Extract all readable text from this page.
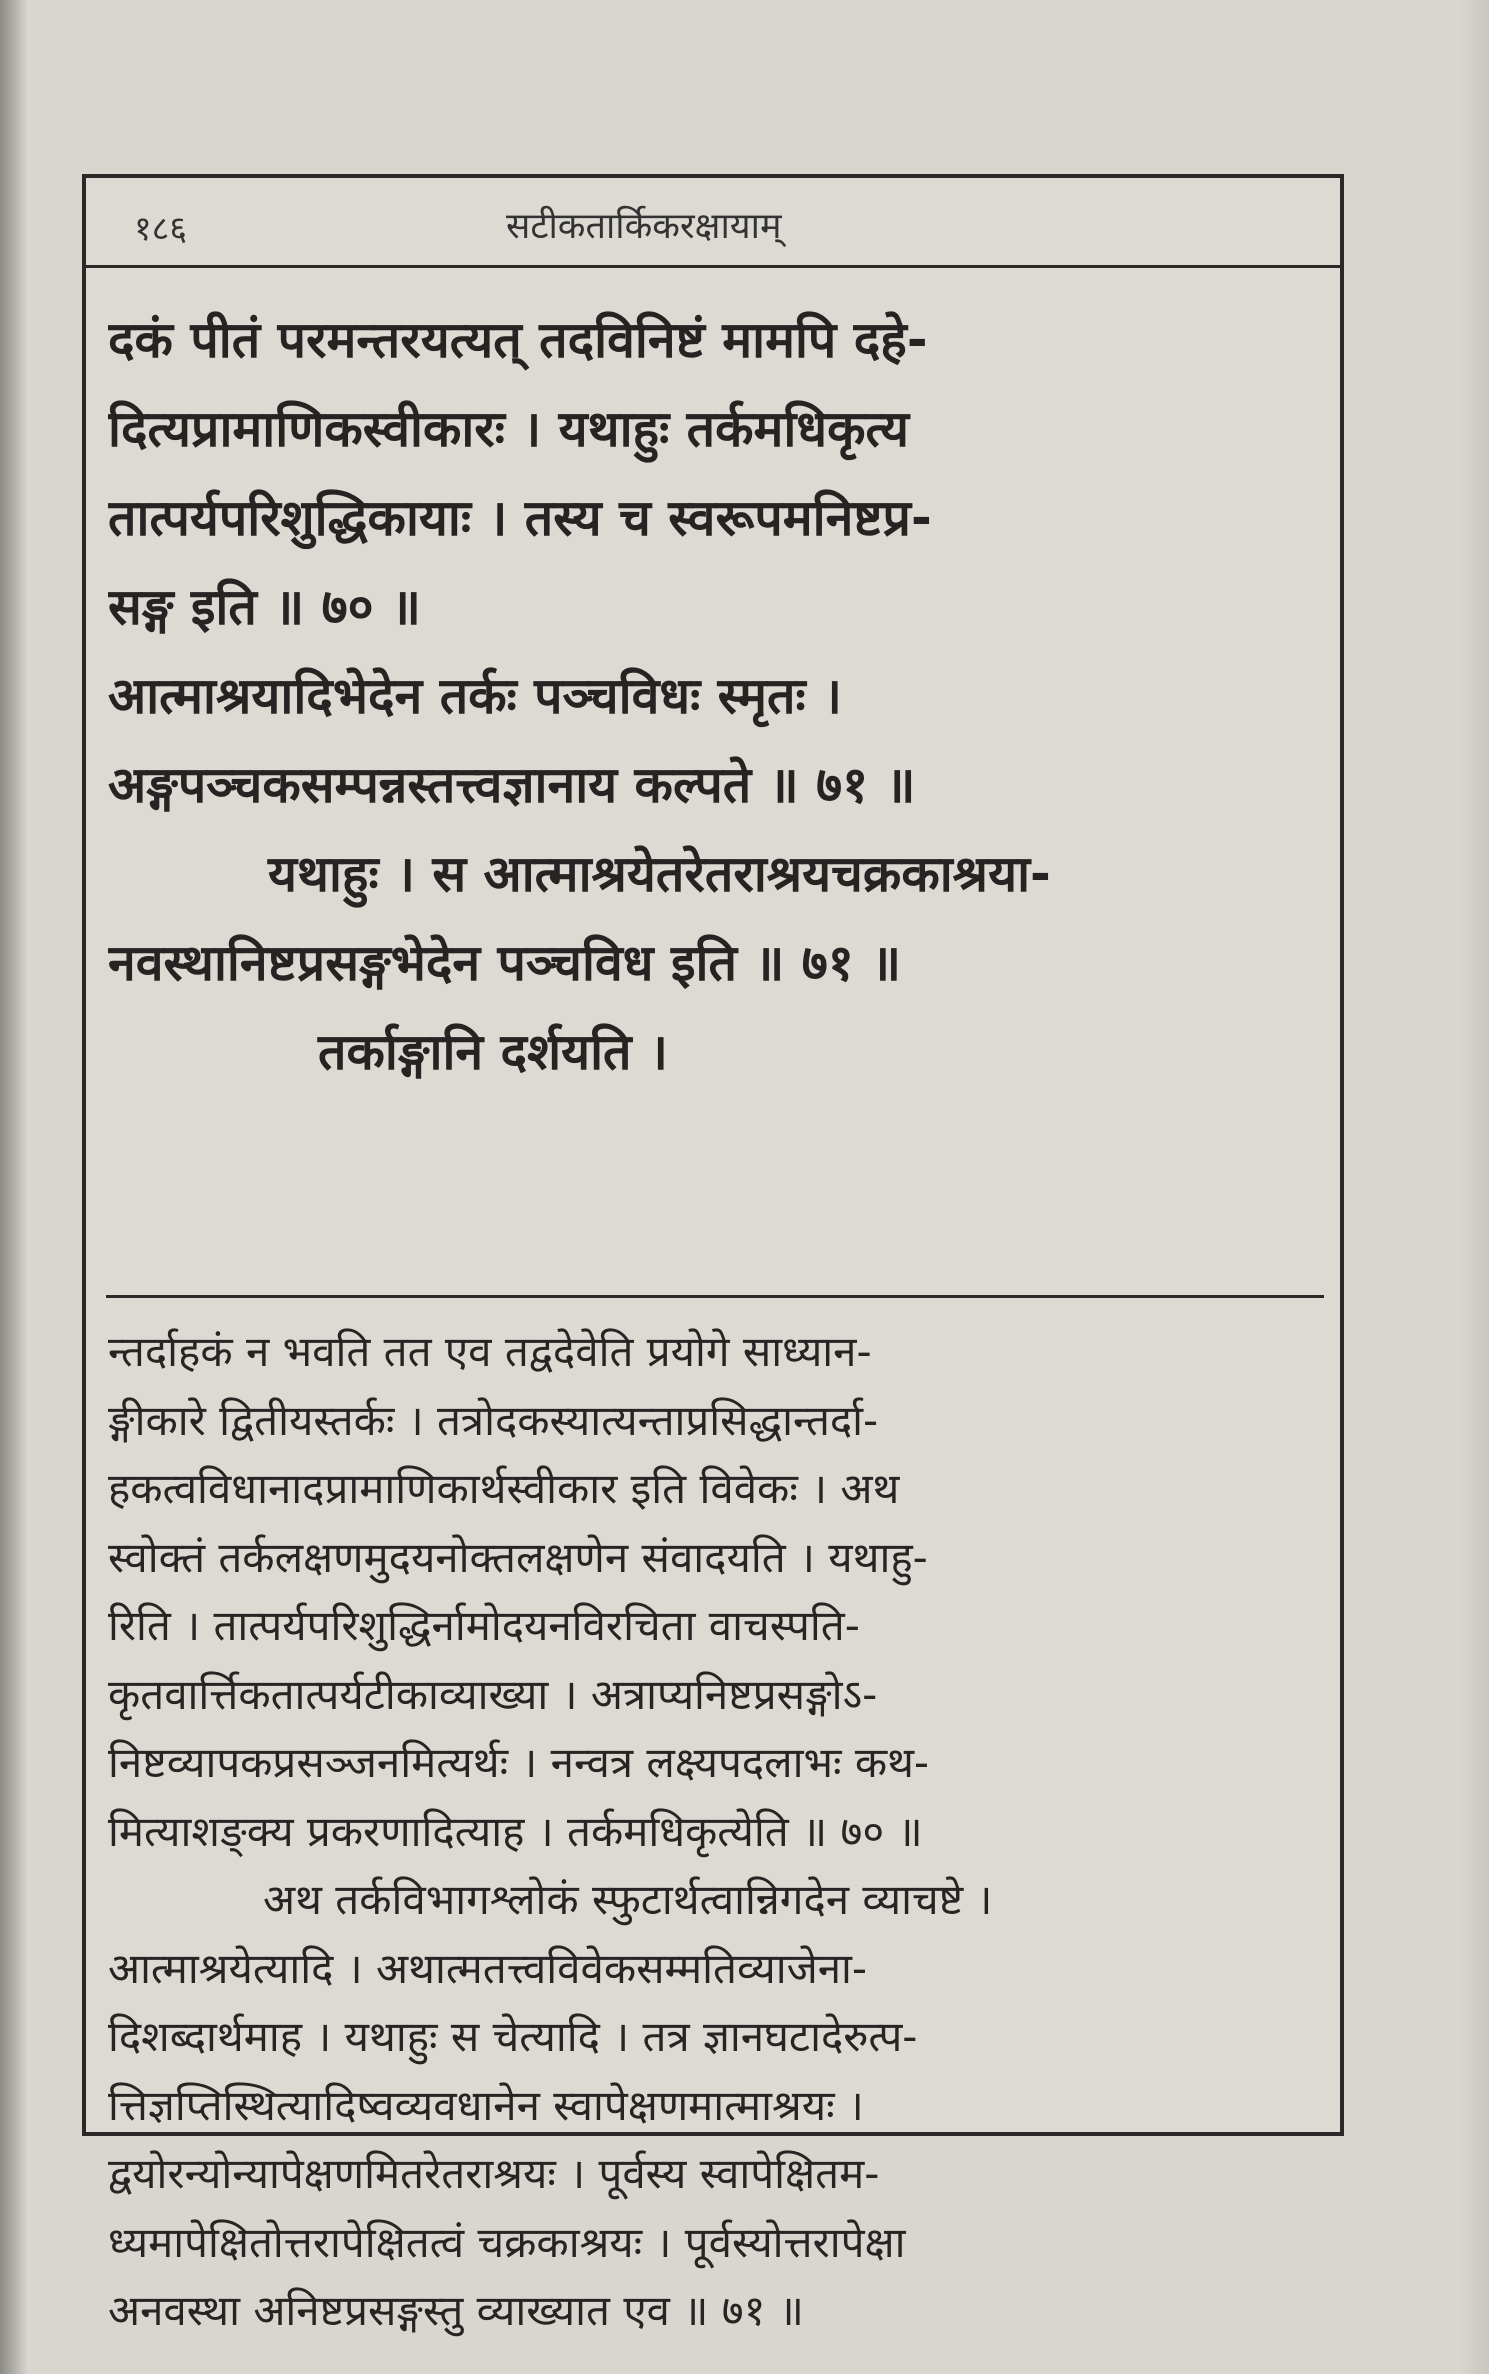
१८६	सटीकतार्किकरक्षायाम्
दकं पीतं परमन्तरयत्यत् तदविनिष्टं मामपि दहे-
दित्यप्रामाणिकस्वीकारः । यथाहुः तर्कमधिकृत्य
तात्पर्यपरिशुद्धिकायाः । तस्य च स्वरूपमनिष्टप्र-
सङ्ग इति ॥ ७० ॥
आत्माश्रयादिभेदेन तर्कः पञ्चविधः स्मृतः ।
अङ्गपञ्चकसम्पन्नस्तत्त्वज्ञानाय कल्पते ॥ ७१ ॥
यथाहुः । स आत्माश्रयेतरेतराश्रयचक्रकाश्रया-
नवस्थानिष्टप्रसङ्गभेदेन पञ्चविध इति ॥ ७१ ॥
तर्काङ्गानि दर्शयति ।
न्तर्दाहकं न भवति तत एव तद्वदेवेति प्रयोगे साध्यान-
ङ्गीकारे द्वितीयस्तर्कः । तत्रोदकस्यात्यन्ताप्रसिद्धान्तर्दा-
हकत्वविधानादप्रामाणिकार्थस्वीकार इति विवेकः । अथ
स्वोक्तं तर्कलक्षणमुदयनोक्तलक्षणेन संवादयति । यथाहु-
रिति । तात्पर्यपरिशुद्धिर्नामोदयनविरचिता वाचस्पति-
कृतवार्त्तिकतात्पर्यटीकाव्याख्या । अत्राप्यनिष्टप्रसङ्गोऽ-
निष्टव्यापकप्रसञ्जनमित्यर्थः । नन्वत्र लक्ष्यपदलाभः कथ-
मित्याशङ्क्य प्रकरणादित्याह । तर्कमधिकृत्येति ॥ ७० ॥
अथ तर्कविभागश्लोकं स्फुटार्थत्वान्निगदेन व्याचष्टे ।
आत्माश्रयेत्यादि । अथात्मतत्त्वविवेकसम्मतिव्याजेना-
दिशब्दार्थमाह । यथाहुः स चेत्यादि । तत्र ज्ञानघटादेरुत्प-
त्तिज्ञप्तिस्थित्यादिष्वव्यवधानेन स्वापेक्षणमात्माश्रयः ।
द्वयोरन्योन्यापेक्षणमितरेतराश्रयः । पूर्वस्य स्वापेक्षितम-
ध्यमापेक्षितोत्तरापेक्षितत्वं चक्रकाश्रयः । पूर्वस्योत्तरापेक्षा
अनवस्था अनिष्टप्रसङ्गस्तु व्याख्यात एव ॥ ७१ ॥
